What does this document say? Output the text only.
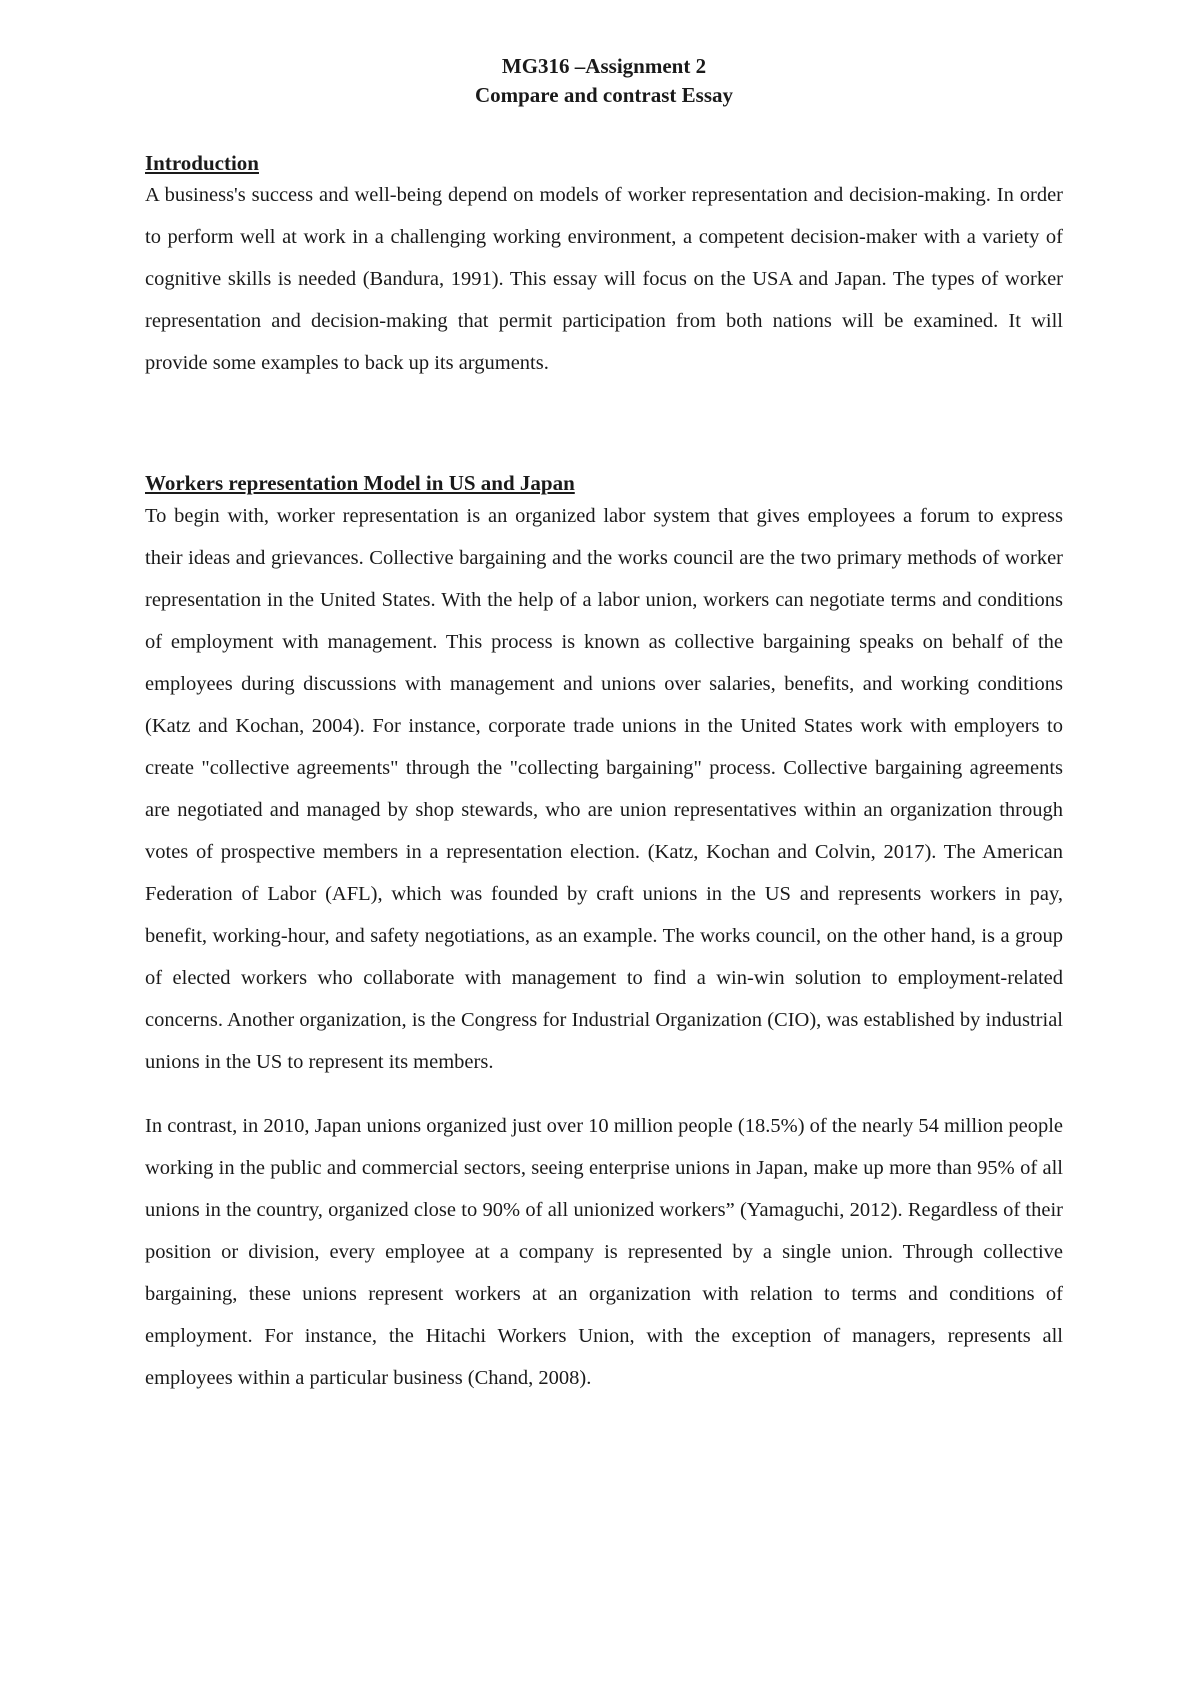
MG316 –Assignment 2
Compare and contrast Essay
Introduction

A business's success and well-being depend on models of worker representation and decision-making. In order to perform well at work in a challenging working environment, a competent decision-maker with a variety of cognitive skills is needed (Bandura, 1991). This essay will focus on the USA and Japan. The types of worker representation and decision-making that permit participation from both nations will be examined. It will provide some examples to back up its arguments.

Workers representation Model in US and Japan

To begin with, worker representation is an organized labor system that gives employees a forum to express their ideas and grievances. Collective bargaining and the works council are the two primary methods of worker representation in the United States. With the help of a labor union, workers can negotiate terms and conditions of employment with management. This process is known as collective bargaining speaks on behalf of the employees during discussions with management and unions over salaries, benefits, and working conditions (Katz and Kochan, 2004). For instance, corporate trade unions in the United States work with employers to create "collective agreements" through the "collecting bargaining" process. Collective bargaining agreements are negotiated and managed by shop stewards, who are union representatives within an organization through votes of prospective members in a representation election. (Katz, Kochan and Colvin, 2017). The American Federation of Labor (AFL), which was founded by craft unions in the US and represents workers in pay, benefit, working-hour, and safety negotiations, as an example. The works council, on the other hand, is a group of elected workers who collaborate with management to find a win-win solution to employment-related concerns. Another organization, is the Congress for Industrial Organization (CIO), was established by industrial unions in the US to represent its members.

In contrast, in 2010, Japan unions organized just over 10 million people (18.5%) of the nearly 54 million people working in the public and commercial sectors, seeing enterprise unions in Japan, make up more than 95% of all unions in the country, organized close to 90% of all unionized workers” (Yamaguchi, 2012). Regardless of their position or division, every employee at a company is represented by a single union. Through collective bargaining, these unions represent workers at an organization with relation to terms and conditions of employment. For instance, the Hitachi Workers Union, with the exception of managers, represents all employees within a particular business (Chand, 2008).
